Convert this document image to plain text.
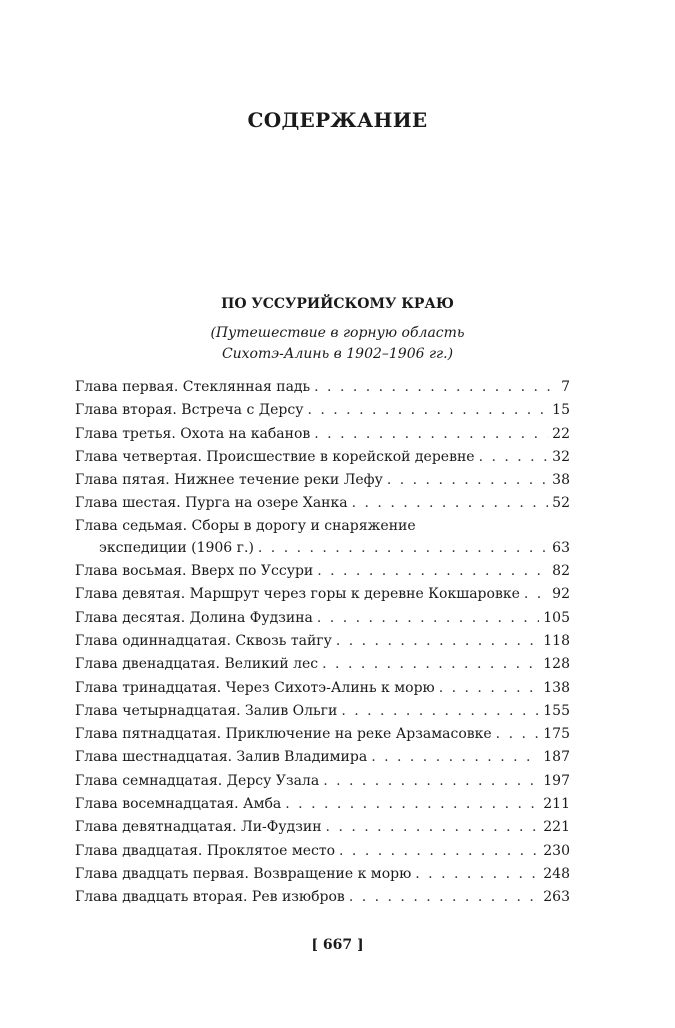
СОДЕРЖАНИЕ
ПО УССУРИЙСКОМУ КРАЮ
(Путешествие в горную область
Сихотэ-Алинь в 1902–1906 гг.)
Глава первая. Стеклянная падь . . .	7
Глава вторая. Встреча с Дерсу . . .	15
Глава третья. Охота на кабанов . . .	22
Глава четвертая. Происшествие в корейской деревне . . .	32
Глава пятая. Нижнее течение реки Лефу . . .	38
Глава шестая. Пурга на озере Ханка . . .	52
Глава седьмая. Сборы в дорогу и снаряжение
экспедиции (1906 г.) . . .	63
Глава восьмая. Вверх по Уссури . . .	82
Глава девятая. Маршрут через горы к деревне Кокшаровке . . . 92
Глава десятая. Долина Фудзина . . .	105
Глава одиннадцатая. Сквозь тайгу . . .	118
Глава двенадцатая. Великий лес . . .	128
Глава тринадцатая. Через Сихотэ-Алинь к морю . . .	138
Глава четырнадцатая. Залив Ольги . . .	155
Глава пятнадцатая. Приключение на реке Арзамасовке . . .	175
Глава шестнадцатая. Залив Владимира . . .	187
Глава семнадцатая. Дерсу Узала . . .	197
Глава восемнадцатая. Амба . . .	211
Глава девятнадцатая. Ли-Фудзин . . .	221
Глава двадцатая. Проклятое место . . .	230
Глава двадцать первая. Возвращение к морю . . .	248
Глава двадцать вторая. Рев изюбров . . .	263
[ 667 ]
